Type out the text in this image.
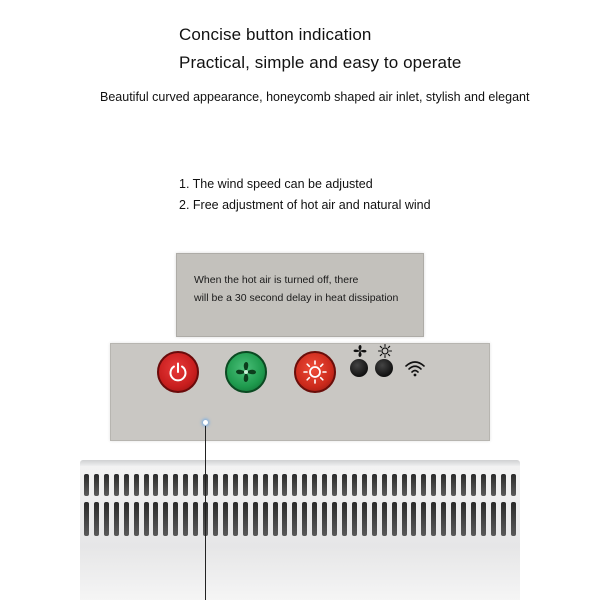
Concise button indication
Practical, simple and easy to operate
Beautiful curved appearance, honeycomb shaped air inlet, stylish and elegant
1. The wind speed can be adjusted
2. Free adjustment of hot air and natural wind
When the hot air is turned off, there
will be a 30 second delay in heat dissipation
